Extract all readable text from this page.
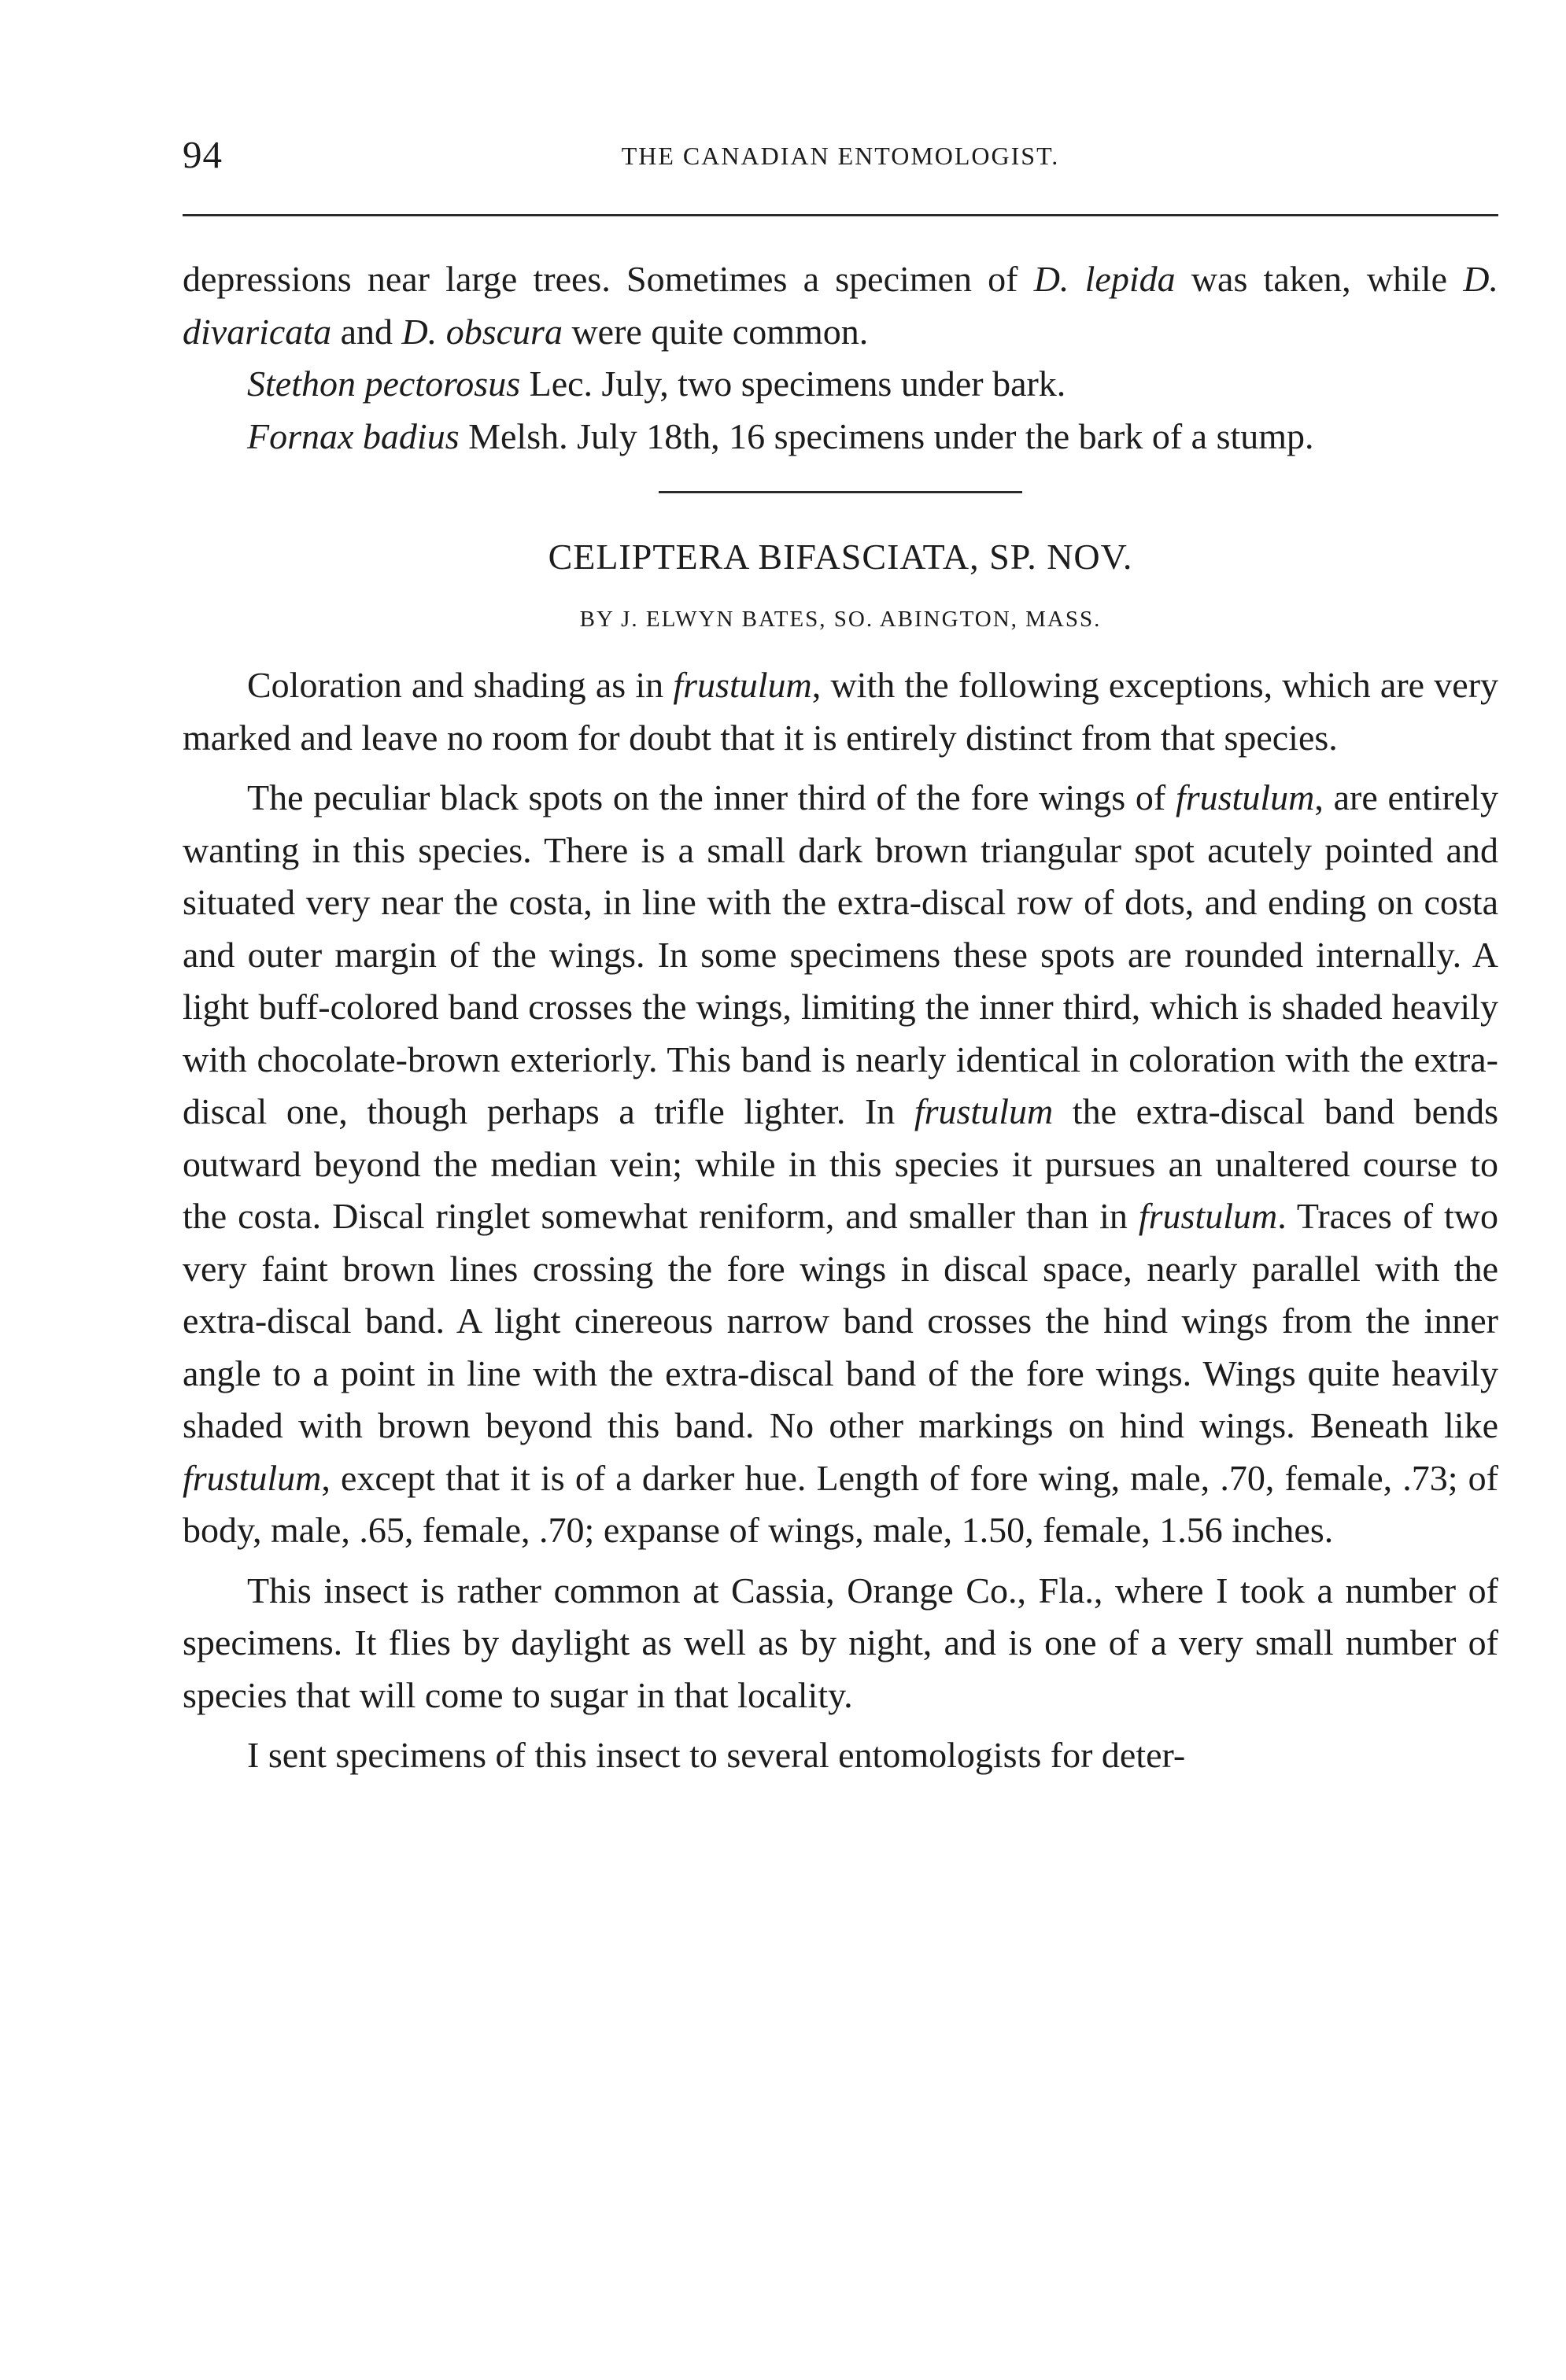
94	THE CANADIAN ENTOMOLOGIST.

depressions near large trees. Sometimes a specimen of D. lepida was taken, while D. divaricata and D. obscura were quite common.

Stethon pectorosus Lec. July, two specimens under bark.

Fornax badius Melsh. July 18th, 16 specimens under the bark of a stump.

CELIPTERA BIFASCIATA, SP. NOV.
BY J. ELWYN BATES, SO. ABINGTON, MASS.

Coloration and shading as in frustulum, with the following exceptions, which are very marked and leave no room for doubt that it is entirely distinct from that species.

The peculiar black spots on the inner third of the fore wings of frustulum, are entirely wanting in this species. There is a small dark brown triangular spot acutely pointed and situated very near the costa, in line with the extra-discal row of dots, and ending on costa and outer margin of the wings. In some specimens these spots are rounded internally. A light buff-colored band crosses the wings, limiting the inner third, which is shaded heavily with chocolate-brown exteriorly. This band is nearly identical in coloration with the extra-discal one, though perhaps a trifle lighter. In frustulum the extra-discal band bends outward beyond the median vein; while in this species it pursues an unaltered course to the costa. Discal ringlet somewhat reniform, and smaller than in frustulum. Traces of two very faint brown lines crossing the fore wings in discal space, nearly parallel with the extra-discal band. A light cinereous narrow band crosses the hind wings from the inner angle to a point in line with the extra-discal band of the fore wings. Wings quite heavily shaded with brown beyond this band. No other markings on hind wings. Beneath like frustulum, except that it is of a darker hue. Length of fore wing, male, .70, female, .73; of body, male, .65, female, .70; expanse of wings, male, 1.50, female, 1.56 inches.

This insect is rather common at Cassia, Orange Co., Fla., where I took a number of specimens. It flies by daylight as well as by night, and is one of a very small number of species that will come to sugar in that locality.

I sent specimens of this insect to several entomologists for deter-
